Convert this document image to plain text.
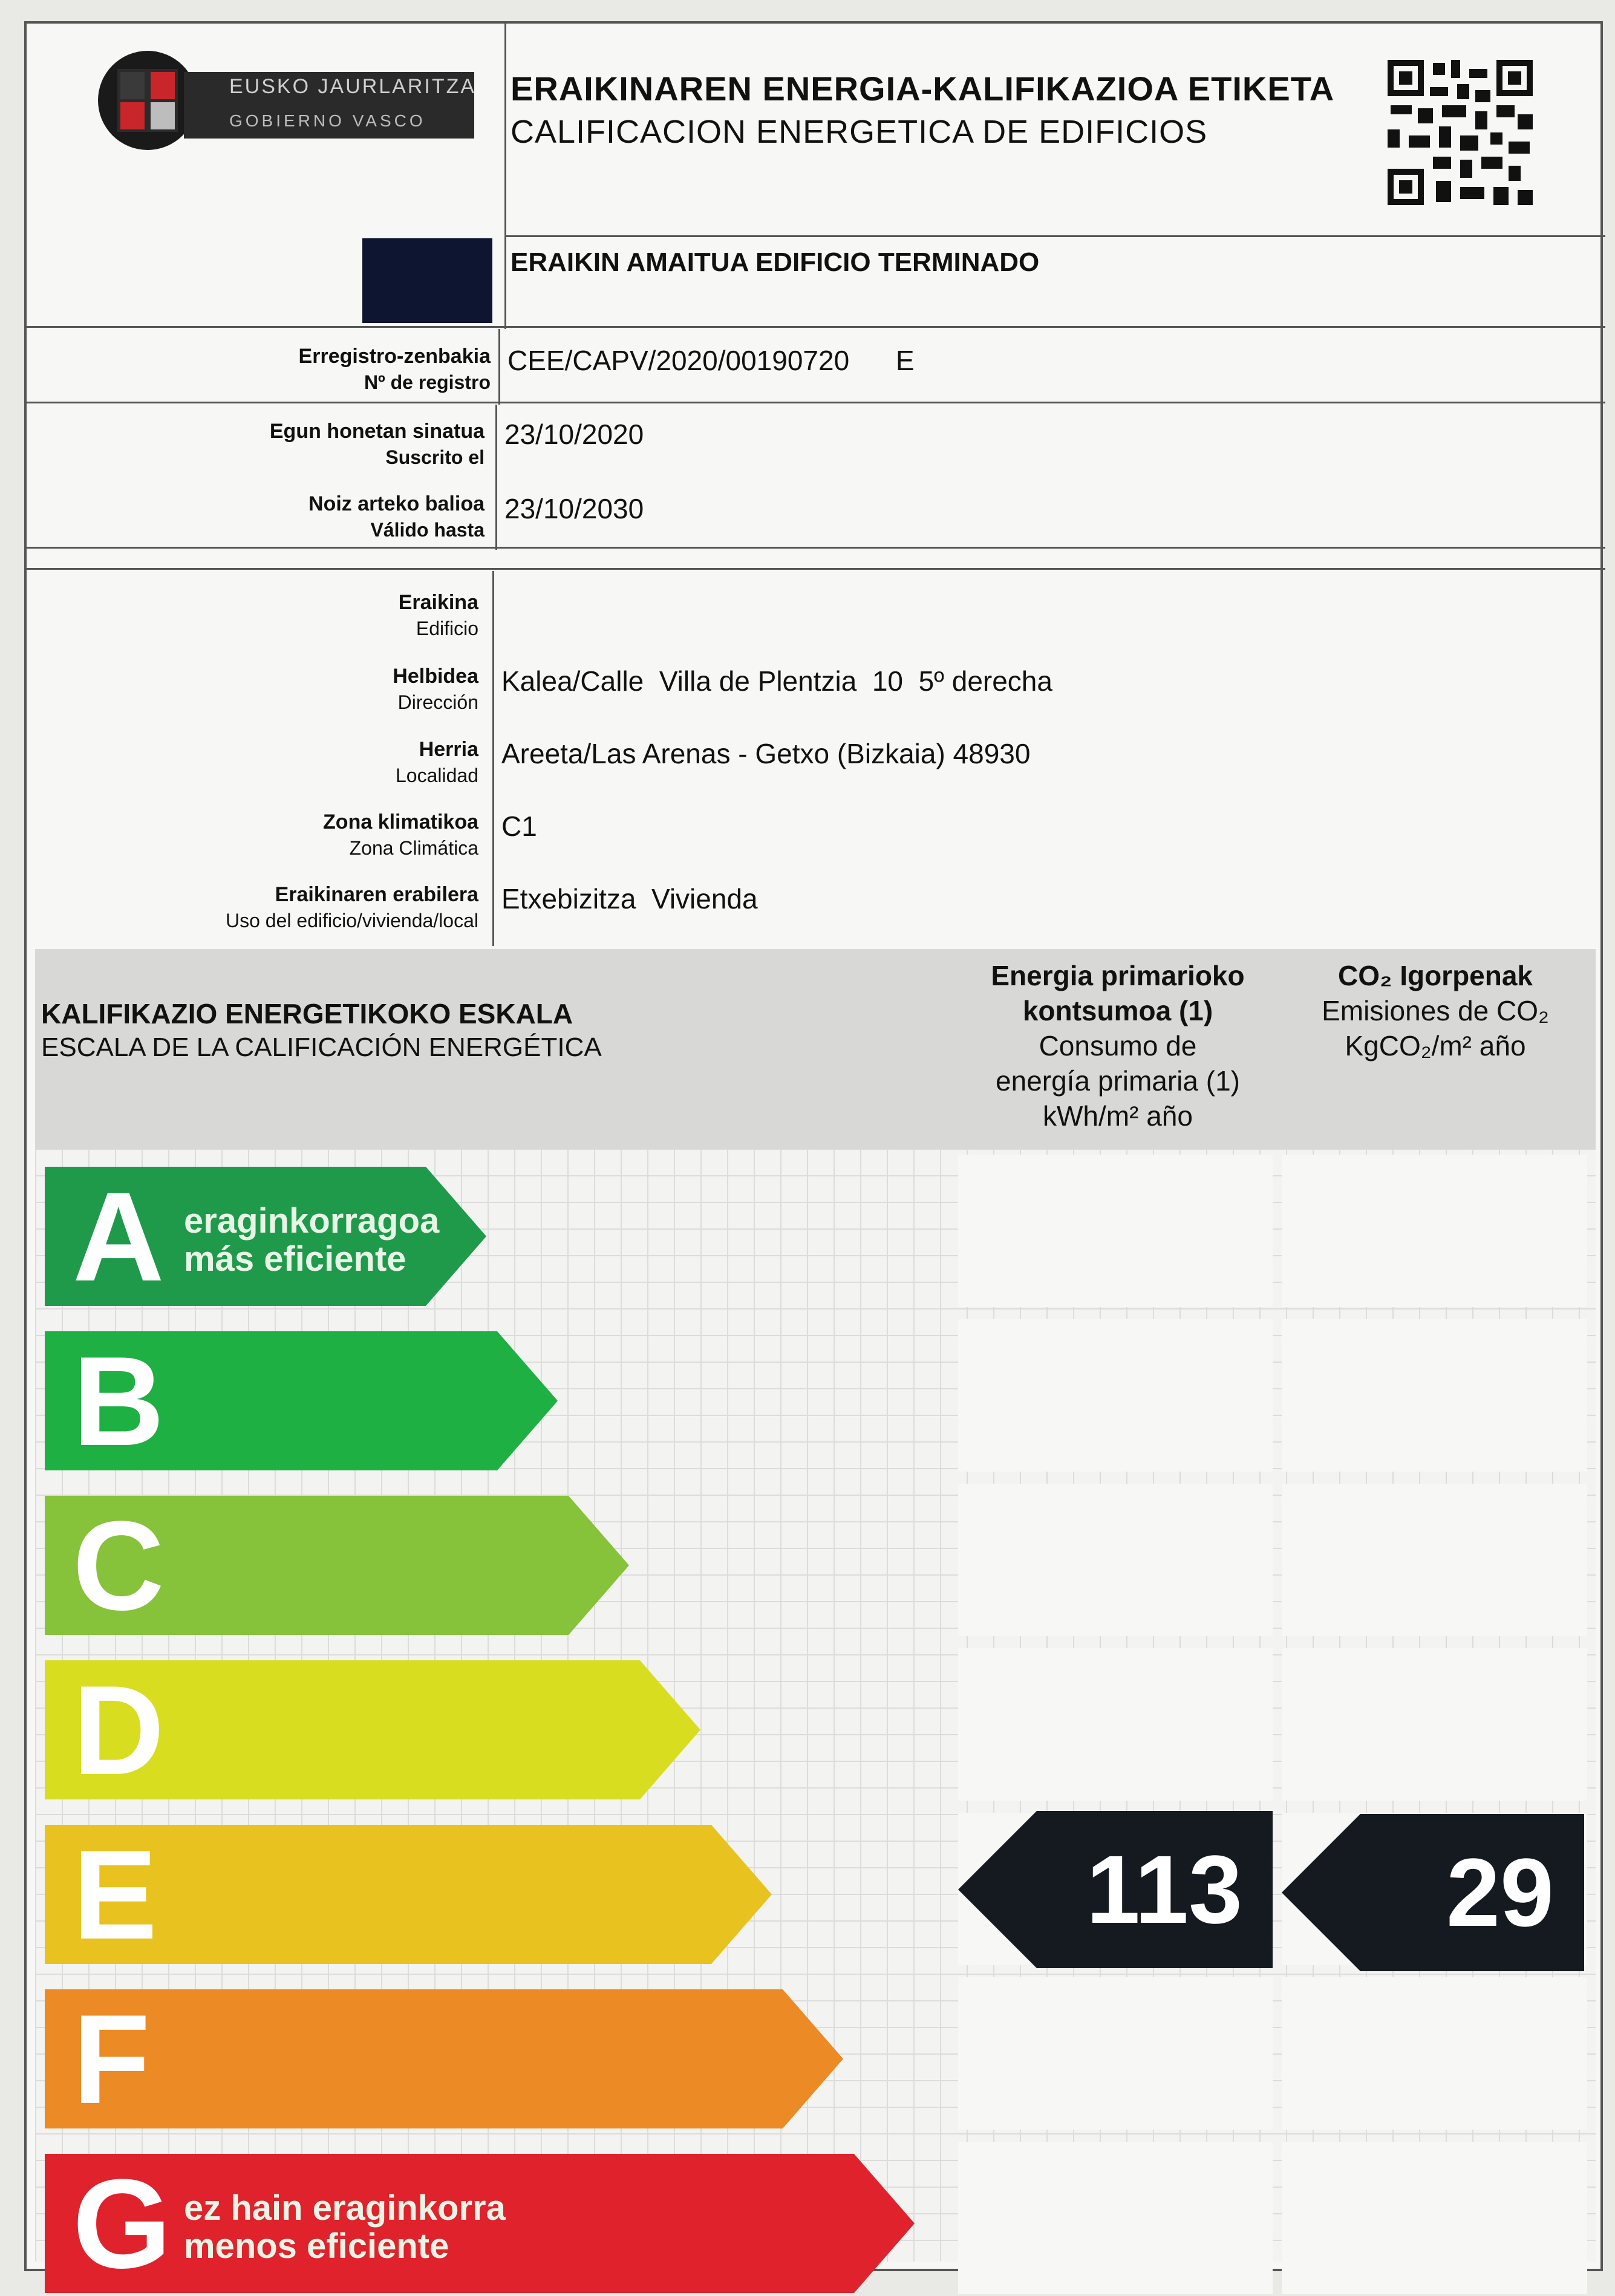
EUSKO JAURLARITZA
GOBIERNO VASCO
ERAIKINAREN ENERGIA-KALIFIKAZIOA ETIKETA
CALIFICACION ENERGETICA DE EDIFICIOS
ERAIKIN AMAITUA EDIFICIO TERMINADO
Erregistro-zenbakia
Nº de registro
CEE/CAPV/2020/00190720      E
Egun honetan sinatua
Suscrito el
23/10/2020
Noiz arteko balioa
Válido hasta
23/10/2030
Eraikina
Edificio
Helbidea
Dirección
Kalea/Calle  Villa de Plentzia  10  5º derecha
Herria
Localidad
Areeta/Las Arenas - Getxo (Bizkaia) 48930
Zona klimatikoa
Zona Climática
C1
Eraikinaren erabilera
Uso del edificio/vivienda/local
Etxebizitza  Vivienda
KALIFIKAZIO ENERGETIKOKO ESKALA
ESCALA DE LA CALIFICACIÓN ENERGÉTICA
Energia primarioko
kontsumoa (1)
Consumo de
energía primaria (1)
kWh/m² año
CO₂ Igorpenak
Emisiones de CO₂
KgCO₂/m² año
A eraginkorragoa
más eficiente
B
C
D
E
F
G ez hain eraginkorra
menos eficiente
113 29
